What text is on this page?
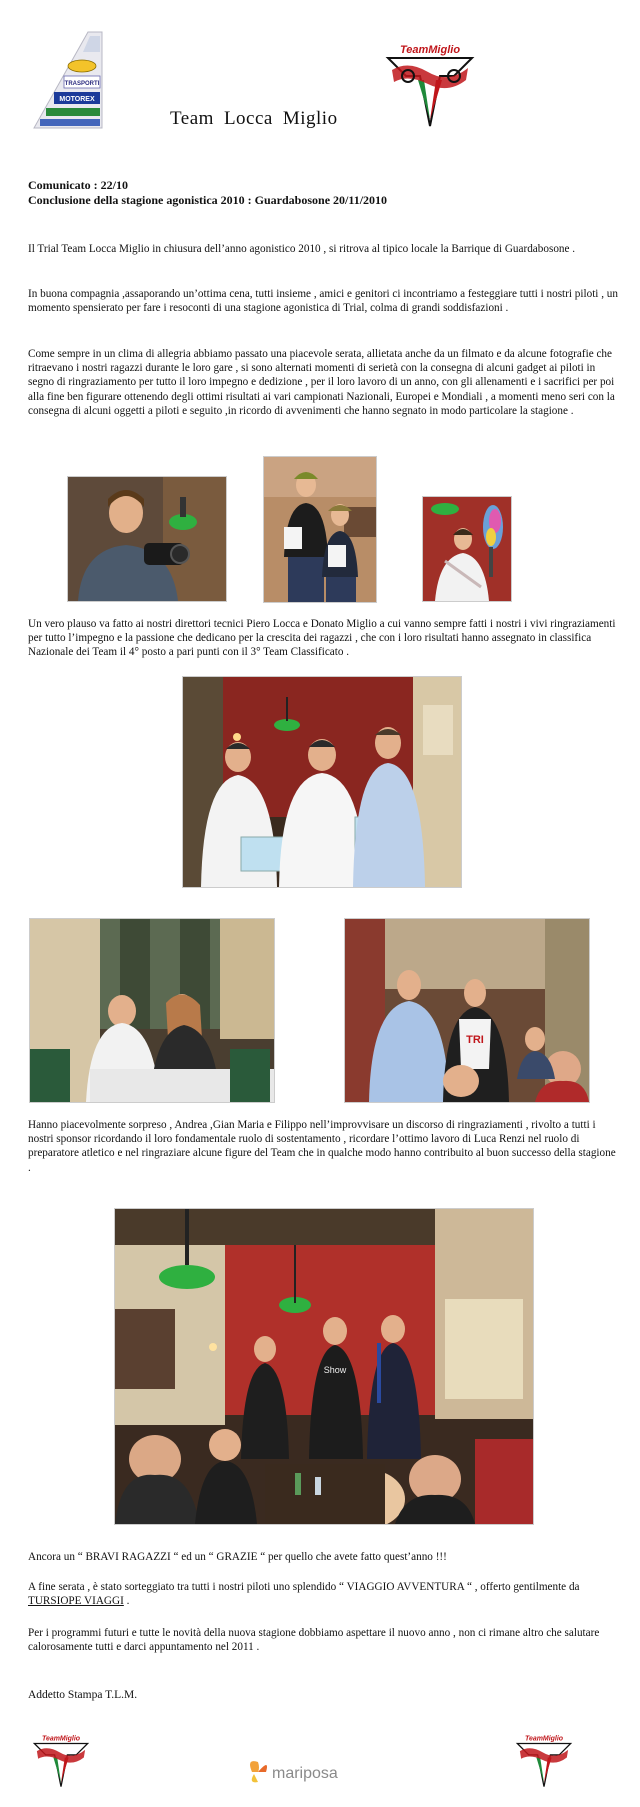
TRASPORTI
MOTOREX
TeamMiglio
Team Locca Miglio
Comunicato : 22/10
Conclusione della stagione agonistica 2010 : Guardabosone 20/11/2010
Il Trial Team Locca Miglio in chiusura dell’anno agonistico 2010 , si ritrova al tipico locale la Barrique di Guardabosone .
In buona compagnia ,assaporando un’ottima cena, tutti insieme , amici e genitori ci incontriamo a festeggiare tutti i nostri piloti , un momento spensierato per fare i resoconti di una stagione agonistica di Trial, colma di grandi soddisfazioni .
Come sempre in un clima di allegria abbiamo passato una piacevole serata, allietata anche da un filmato e da alcune fotografie che ritraevano i nostri ragazzi durante le loro gare , si sono alternati momenti di serietà con la consegna di alcuni gadget ai piloti in segno di ringraziamento per tutto il loro impegno e dedizione , per il loro lavoro di un anno, con gli allenamenti e i sacrifici per poi alla fine ben figurare ottenendo degli ottimi risultati ai vari campionati Nazionali, Europei e Mondiali , a momenti meno seri con la consegna di alcuni oggetti a piloti e seguito ,in ricordo di avvenimenti che hanno segnato in modo particolare la stagione .
Un vero plauso va fatto ai nostri direttori tecnici Piero Locca e Donato Miglio a cui vanno sempre fatti i nostri i vivi ringraziamenti per tutto l’impegno e la passione che dedicano per la crescita dei ragazzi , che con i loro risultati hanno assegnato in classifica Nazionale dei Team il 4° posto a pari punti con il 3° Team Classificato .
TRI
Hanno piacevolmente sorpreso , Andrea ,Gian Maria e Filippo nell’improvvisare un discorso di ringraziamenti , rivolto a tutti i nostri sponsor ricordando il loro fondamentale ruolo di sostentamento , ricordare l’ottimo lavoro di Luca Renzi nel ruolo di preparatore atletico e nel ringraziare alcune figure del Team che in qualche modo hanno contribuito al buon successo della stagione .
Show
Ancora un “ BRAVI RAGAZZI “ ed un “ GRAZIE “ per quello che avete fatto quest’anno !!!
A fine serata , è stato sorteggiato tra tutti i nostri piloti uno splendido “ VIAGGIO AVVENTURA “ , offerto gentilmente da TURSIOPE VIAGGI .
Per i programmi futuri e tutte le novità della nuova stagione dobbiamo aspettare il nuovo anno , non ci rimane altro che salutare calorosamente tutti e darci appuntamento nel 2011 .
Addetto Stampa T.L.M.
TeamMiglio
mariposa
TeamMiglio
